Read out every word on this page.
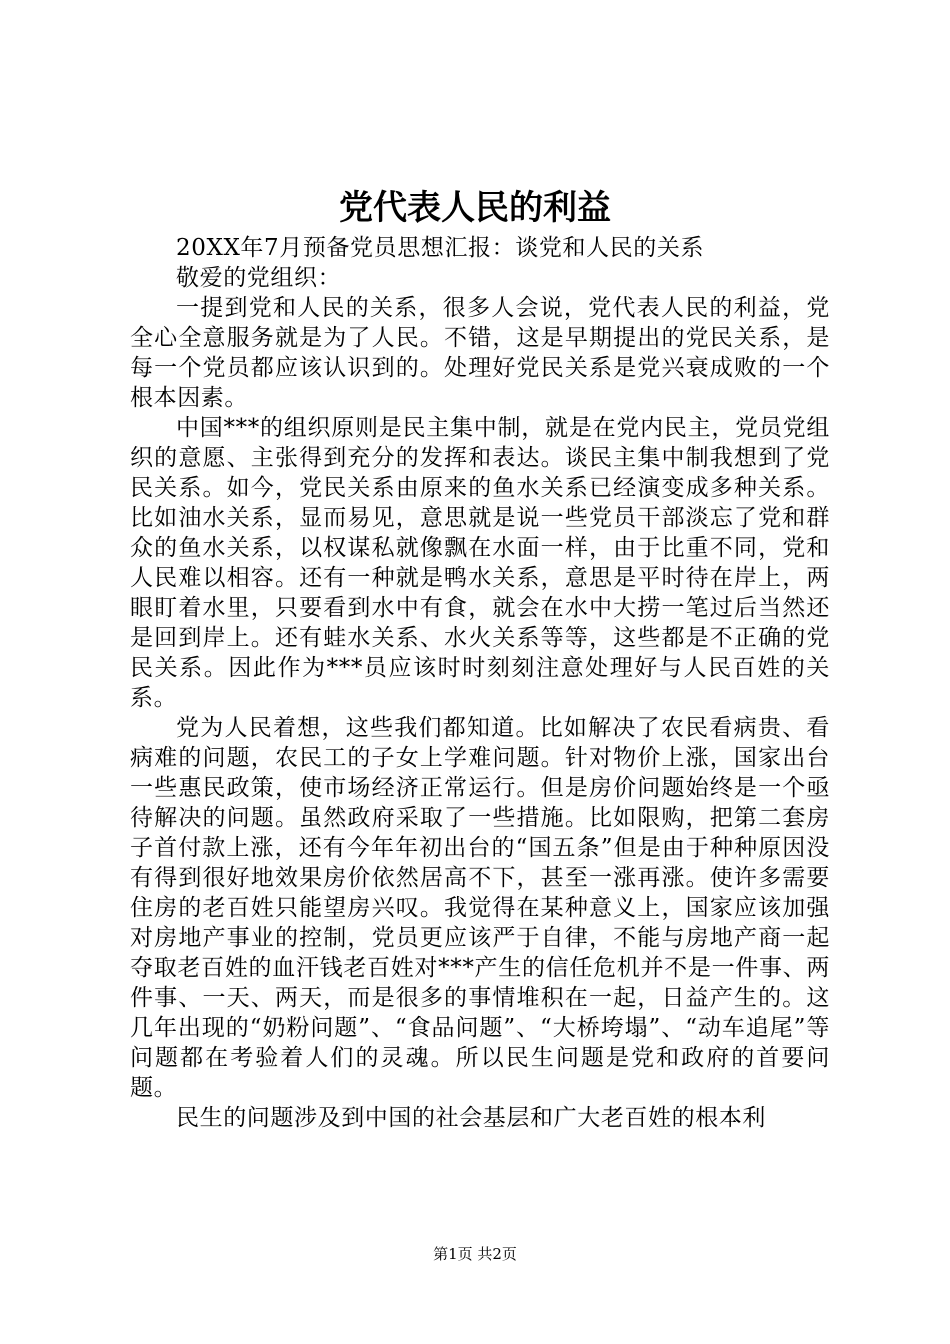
党代表人民的利益

20XX年7月预备党员思想汇报：谈党和人民的关系

敬爱的党组织：

一提到党和人民的关系，很多人会说，党代表人民的利益，党全心全意服务就是为了人民。不错，这是早期提出的党民关系，是每一个党员都应该认识到的。处理好党民关系是党兴衰成败的一个根本因素。

中国***的组织原则是民主集中制，就是在党内民主，党员党组织的意愿、主张得到充分的发挥和表达。谈民主集中制我想到了党民关系。如今，党民关系由原来的鱼水关系已经演变成多种关系。比如油水关系，显而易见，意思就是说一些党员干部淡忘了党和群众的鱼水关系，以权谋私就像飘在水面一样，由于比重不同，党和人民难以相容。还有一种就是鸭水关系，意思是平时待在岸上，两眼盯着水里，只要看到水中有食，就会在水中大捞一笔过后当然还是回到岸上。还有蛙水关系、水火关系等等，这些都是不正确的党民关系。因此作为***员应该时时刻刻注意处理好与人民百姓的关系。

党为人民着想，这些我们都知道。比如解决了农民看病贵、看病难的问题，农民工的子女上学难问题。针对物价上涨，国家出台一些惠民政策，使市场经济正常运行。但是房价问题始终是一个亟待解决的问题。虽然政府采取了一些措施。比如限购，把第二套房子首付款上涨，还有今年年初出台的“国五条”但是由于种种原因没有得到很好地效果房价依然居高不下，甚至一涨再涨。使许多需要住房的老百姓只能望房兴叹。我觉得在某种意义上，国家应该加强对房地产事业的控制，党员更应该严于自律，不能与房地产商一起夺取老百姓的血汗钱老百姓对***产生的信任危机并不是一件事、两件事、一天、两天，而是很多的事情堆积在一起，日益产生的。这几年出现的“奶粉问题”、“食品问题”、“大桥垮塌”、“动车追尾”等问题都在考验着人们的灵魂。所以民生问题是党和政府的首要问题。

民生的问题涉及到中国的社会基层和广大老百姓的根本利

第1页 共2页
